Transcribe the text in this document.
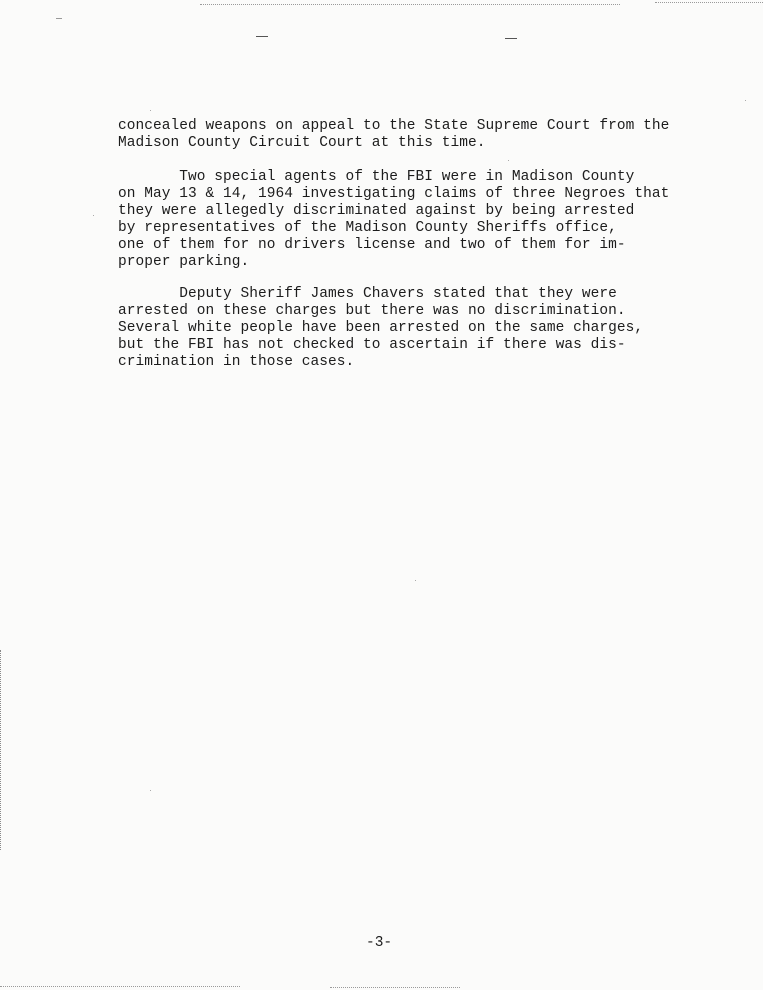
concealed weapons on appeal to the State Supreme Court from the
Madison County Circuit Court at this time.

Two special agents of the FBI were in Madison County
on May 13 & 14, 1964 investigating claims of three Negroes that
they were allegedly discriminated against by being arrested
by representatives of the Madison County Sheriffs office,
one of them for no drivers license and two of them for im-
proper parking.

Deputy Sheriff James Chavers stated that they were
arrested on these charges but there was no discrimination.
Several white people have been arrested on the same charges,
but the FBI has not checked to ascertain if there was dis-
crimination in those cases.

-3-
